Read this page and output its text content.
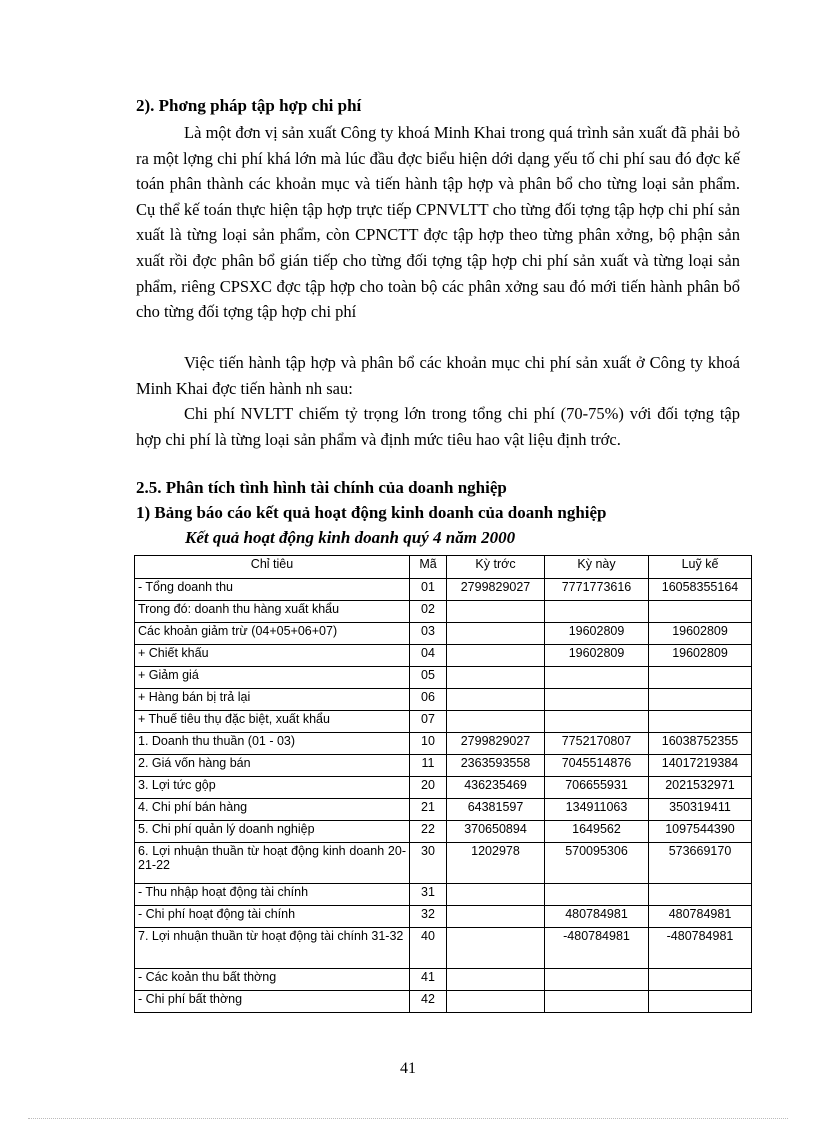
2). Phơng pháp tập hợp chi phí
Là một đơn vị sản xuất Công ty khoá Minh Khai trong quá trình sản xuất đã phải bỏ ra một lợng chi phí khá lớn mà lúc đầu đợc biểu hiện dới dạng yếu tố chi phí sau đó đợc kế toán phân thành các khoản mục và tiến hành tập hợp và phân bổ cho từng loại sản phẩm. Cụ thể kế toán thực hiện tập hợp trực tiếp CPNVLTT cho từng đối tợng tập hợp chi phí sản xuất là từng loại sản phẩm, còn CPNCTT đợc tập hợp theo từng phân xởng, bộ phận sản xuất rồi đợc phân bổ gián tiếp cho từng đối tợng tập hợp chi phí sản xuất và từng loại sản phẩm, riêng CPSXC đợc tập hợp cho toàn bộ các phân xởng sau đó mới tiến hành phân bổ cho từng đối tợng tập hợp chi phí
Việc tiến hành tập hợp và phân bổ các khoản mục chi phí sản xuất ở Công ty khoá Minh Khai đợc tiến hành nh sau:
Chi phí NVLTT chiếm tỷ trọng lớn trong tổng chi phí (70-75%) với đối tợng tập hợp chi phí là từng loại sản phẩm và định mức tiêu hao vật liệu định trớc.
2.5. Phân tích tình hình tài chính của doanh nghiệp
1) Bảng báo cáo kết quả hoạt động kinh doanh của doanh nghiệp
Kết quả hoạt động kinh doanh quý 4 năm 2000
Chỉ tiêu	Mã	Kỳ trớc	Kỳ này	Luỹ kế
- Tổng doanh thu	01	2799829027	7771773616	16058355164
Trong đó: doanh thu hàng xuất khẩu	02			
Các khoản giảm trừ (04+05+06+07)	03		19602809	19602809
+ Chiết khấu	04		19602809	19602809
+ Giảm giá	05			
+ Hàng bán bị trả lại	06			
+ Thuế tiêu thụ đặc biệt, xuất khẩu	07			
1. Doanh thu thuần (01 - 03)	10	2799829027	7752170807	16038752355
2. Giá vốn hàng bán	11	2363593558	7045514876	14017219384
3. Lợi tức gộp	20	436235469	706655931	2021532971
4. Chi phí bán hàng	21	64381597	134911063	350319411
5. Chi phí quản lý doanh nghiệp	22	370650894	1649562	1097544390
6. Lợi nhuận thuần từ hoạt động kinh doanh 20-21-22	30	1202978	570095306	573669170
- Thu nhập hoạt động tài chính	31			
- Chi phí hoạt động tài chính	32		480784981	480784981
7. Lợi nhuận thuần từ hoạt động tài chính 31-32	40		-480784981	-480784981
- Các koản thu bất thờng	41			
- Chi phí bất thờng	42			
41
